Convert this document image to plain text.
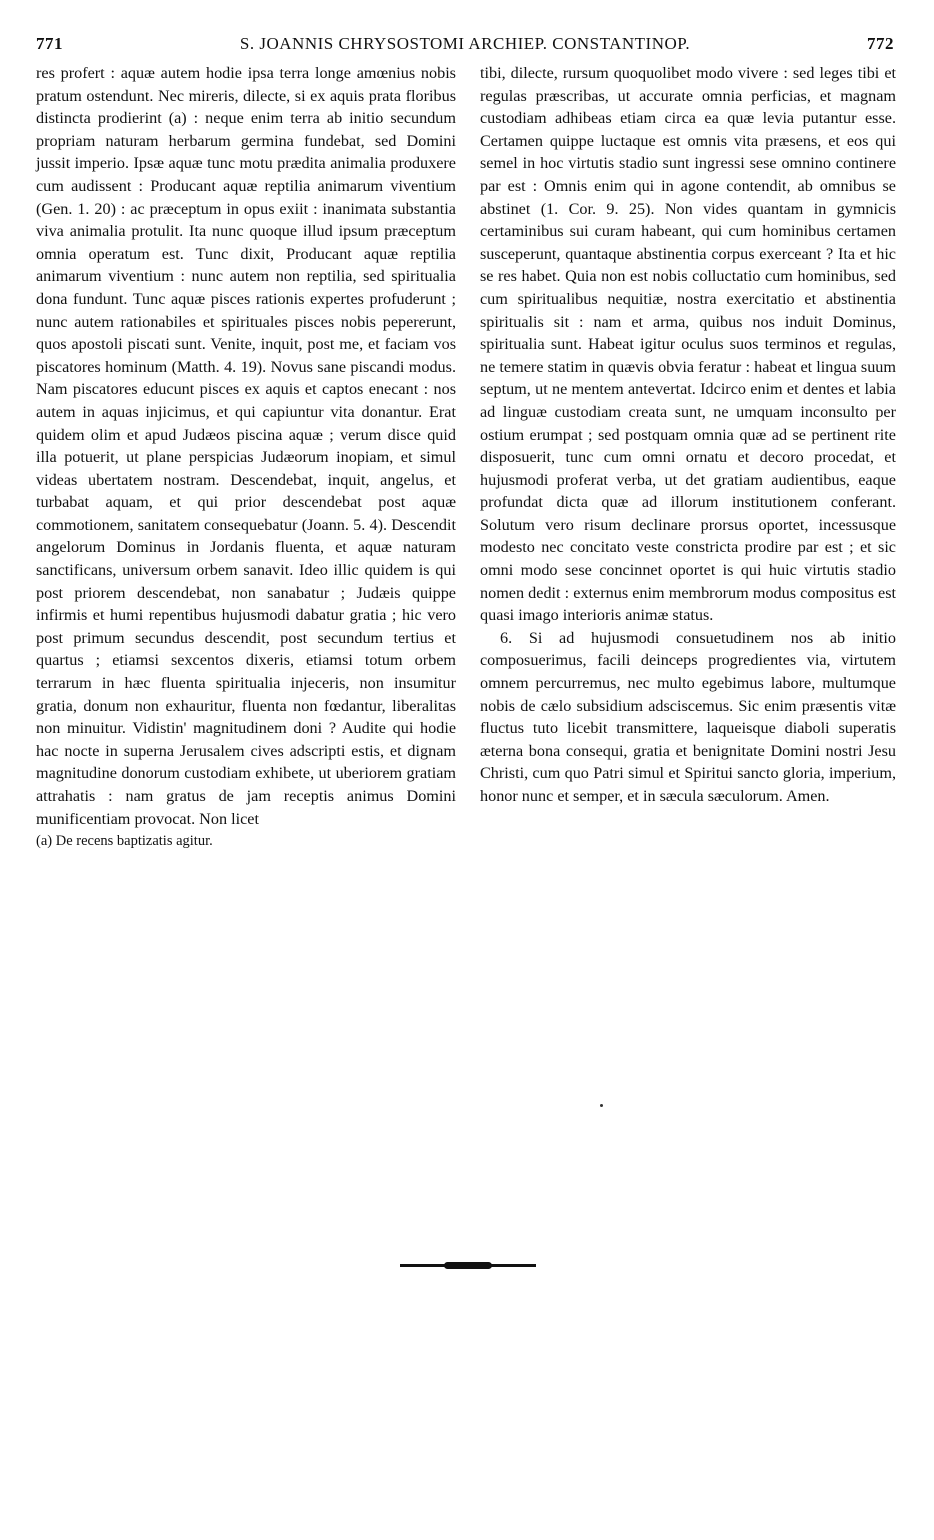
771	S. JOANNIS CHRYSOSTOMI ARCHIEP. CONSTANTINOP.	772

res profert : aquæ autem hodie ipsa terra longe amœnius nobis pratum ostendunt. Nec mireris, dilecte, si ex aquis prata floribus distincta prodierint (a) : neque enim terra ab initio secundum propriam naturam herbarum germina fundebat, sed Domini jussit imperio. Ipsæ aquæ tunc motu prædita animalia produxere cum audissent : Producant aquæ reptilia animarum viventium (Gen. 1. 20) : ac præceptum in opus exiit : inanimata substantia viva animalia protulit. Ita nunc quoque illud ipsum præceptum omnia operatum est. Tunc dixit, Producant aquæ reptilia animarum viventium : nunc autem non reptilia, sed spiritualia dona fundunt. Tunc aquæ pisces rationis expertes profuderunt ; nunc autem rationabiles et spirituales pisces nobis pepererunt, quos apostoli piscati sunt. Venite, inquit, post me, et faciam vos piscatores hominum (Matth. 4. 19). Novus sane piscandi modus. Nam piscatores educunt pisces ex aquis et captos enecant : nos autem in aquas injicimus, et qui capiuntur vita donantur. Erat quidem olim et apud Judæos piscina aquæ ; verum disce quid illa potuerit, ut plane perspicias Judæorum inopiam, et simul videas ubertatem nostram. Descendebat, inquit, angelus, et turbabat aquam, et qui prior descendebat post aquæ commotionem, sanitatem consequebatur (Joann. 5. 4). Descendit angelorum Dominus in Jordanis fluenta, et aquæ naturam sanctificans, universum orbem sanavit. Ideo illic quidem is qui post priorem descendebat, non sanabatur ; Judæis quippe infirmis et humi repentibus hujusmodi dabatur gratia ; hic vero post primum secundus descendit, post secundum tertius et quartus ; etiamsi sexcentos dixeris, etiamsi totum orbem terrarum in hæc fluenta spiritualia injeceris, non insumitur gratia, donum non exhauritur, fluenta non fœdantur, liberalitas non minuitur. Vidistin' magnitudinem doni ? Audite qui hodie hac nocte in superna Jerusalem cives adscripti estis, et dignam magnitudine donorum custodiam exhibete, ut uberiorem gratiam attrahatis : nam gratus de jam receptis animus Domini munificentiam provocat. Non licet

(a) De recens baptizatis agitur.

tibi, dilecte, rursum quoquolibet modo vivere : sed leges tibi et regulas præscribas, ut accurate omnia perficias, et magnam custodiam adhibeas etiam circa ea quæ levia putantur esse. Certamen quippe luctaque est omnis vita præsens, et eos qui semel in hoc virtutis stadio sunt ingressi sese omnino continere par est : Omnis enim qui in agone contendit, ab omnibus se abstinet (1. Cor. 9. 25). Non vides quantam in gymnicis certaminibus sui curam habeant, qui cum hominibus certamen susceperunt, quantaque abstinentia corpus exerceant ? Ita et hic se res habet. Quia non est nobis colluctatio cum hominibus, sed cum spiritualibus nequitiæ, nostra exercitatio et abstinentia spiritualis sit : nam et arma, quibus nos induit Dominus, spiritualia sunt. Habeat igitur oculus suos terminos et regulas, ne temere statim in quævis obvia feratur : habeat et lingua suum septum, ut ne mentem antevertat. Idcirco enim et dentes et labia ad linguæ custodiam creata sunt, ne umquam inconsulto per ostium erumpat ; sed postquam omnia quæ ad se pertinent rite disposuerit, tunc cum omni ornatu et decoro procedat, et hujusmodi proferat verba, ut det gratiam audientibus, eaque profundat dicta quæ ad illorum institutionem conferant. Solutum vero risum declinare prorsus oportet, incessusque modesto nec concitato veste constricta prodire par est ; et sic omni modo sese concinnet oportet is qui huic virtutis stadio nomen dedit : externus enim membrorum modus compositus est quasi imago interioris animæ status.

6. Si ad hujusmodi consuetudinem nos ab initio composuerimus, facili deinceps progredientes via, virtutem omnem percurremus, nec multo egebimus labore, multumque nobis de cælo subsidium adsciscemus. Sic enim præsentis vitæ fluctus tuto licebit transmittere, laqueisque diaboli superatis æterna bona consequi, gratia et benignitate Domini nostri Jesu Christi, cum quo Patri simul et Spiritui sancto gloria, imperium, honor nunc et semper, et in sæcula sæculorum. Amen.
